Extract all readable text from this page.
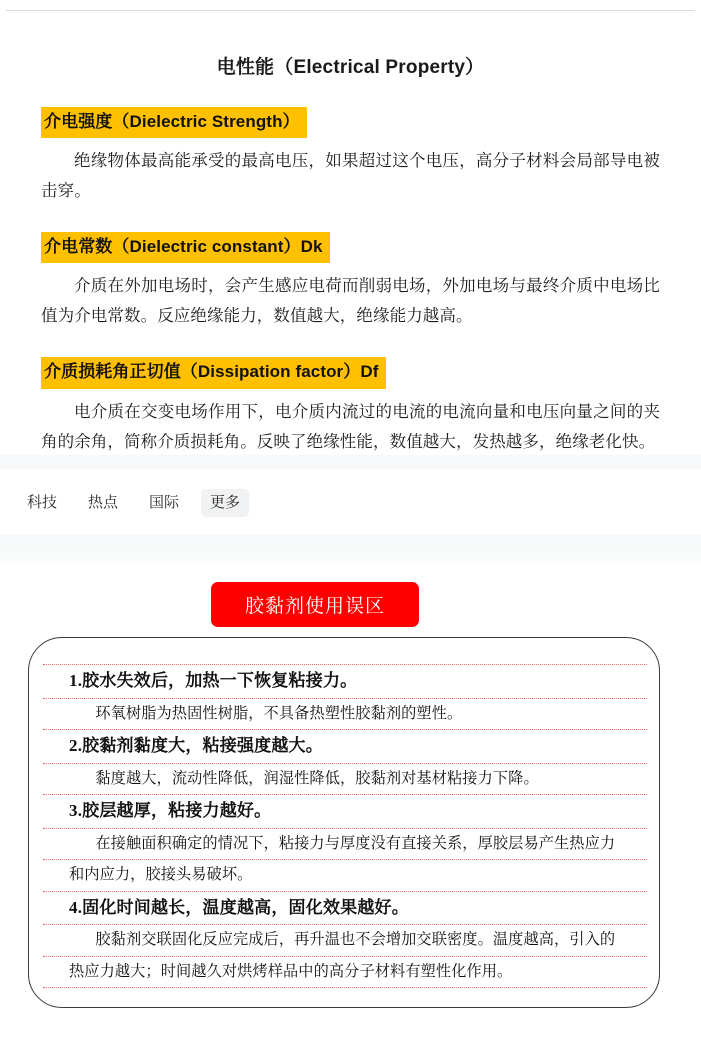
电性能（Electrical Property）
介电强度（Dielectric Strength）

绝缘物体最高能承受的最高电压，如果超过这个电压，高分子材料会局部导电被击穿。

介电常数（Dielectric constant）Dk

介质在外加电场时，会产生感应电荷而削弱电场，外加电场与最终介质中电场比值为介电常数。反应绝缘能力，数值越大，绝缘能力越高。

介质损耗角正切值（Dissipation factor）Df

电介质在交变电场作用下，电介质内流过的电流的电流向量和电压向量之间的夹角的余角，简称介质损耗角。反映了绝缘性能，数值越大，发热越多，绝缘老化快。

科技	热点	国际	更多
胶黏剂使用误区
1.胶水失效后，加热一下恢复粘接力。
环氧树脂为热固性树脂，不具备热塑性胶黏剂的塑性。
2.胶黏剂黏度大，粘接强度越大。
黏度越大，流动性降低，润湿性降低，胶黏剂对基材粘接力下降。
3.胶层越厚，粘接力越好。
在接触面积确定的情况下，粘接力与厚度没有直接关系，厚胶层易产生热应力
和内应力，胶接头易破坏。
4.固化时间越长，温度越高，固化效果越好。
胶黏剂交联固化反应完成后，再升温也不会增加交联密度。温度越高，引入的
热应力越大；时间越久对烘烤样品中的高分子材料有塑性化作用。
